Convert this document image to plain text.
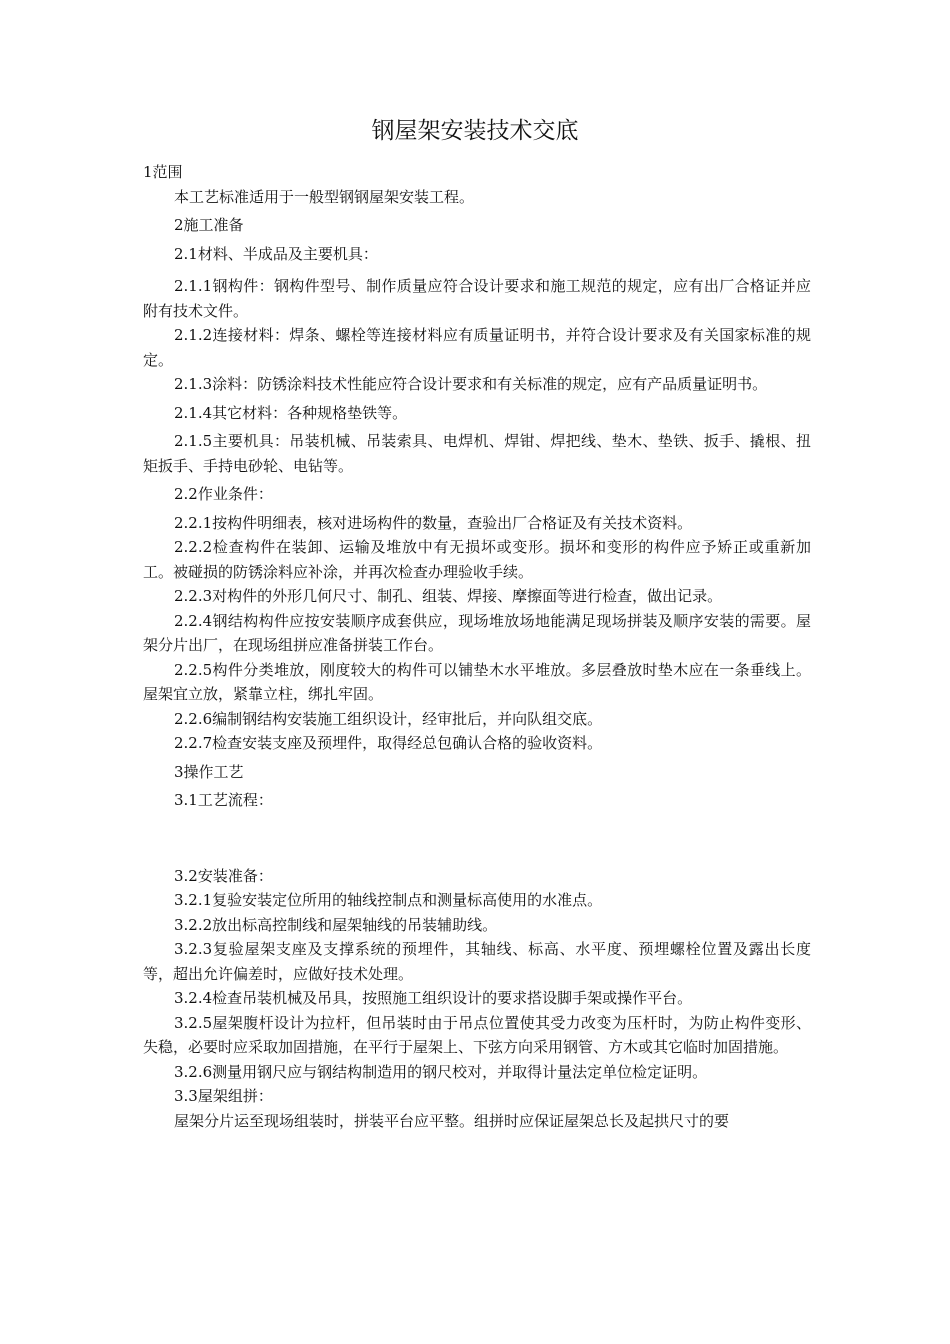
钢屋架安装技术交底

1范围

本工艺标准适用于一般型钢钢屋架安装工程。

2施工准备

2.1材料、半成品及主要机具：

2.1.1钢构件：钢构件型号、制作质量应符合设计要求和施工规范的规定，应有出厂合格证并应附有技术文件。

2.1.2连接材料：焊条、螺栓等连接材料应有质量证明书，并符合设计要求及有关国家标准的规定。

2.1.3涂料：防锈涂料技术性能应符合设计要求和有关标准的规定，应有产品质量证明书。

2.1.4其它材料：各种规格垫铁等。

2.1.5主要机具：吊装机械、吊装索具、电焊机、焊钳、焊把线、垫木、垫铁、扳手、撬根、扭矩扳手、手持电砂轮、电钻等。

2.2作业条件：

2.2.1按构件明细表，核对进场构件的数量，查验出厂合格证及有关技术资料。

2.2.2检查构件在装卸、运输及堆放中有无损坏或变形。损坏和变形的构件应予矫正或重新加工。被碰损的防锈涂料应补涂，并再次检查办理验收手续。

2.2.3对构件的外形几何尺寸、制孔、组装、焊接、摩擦面等进行检查，做出记录。

2.2.4钢结构构件应按安装顺序成套供应，现场堆放场地能满足现场拼装及顺序安装的需要。屋架分片出厂，在现场组拼应准备拼装工作台。

2.2.5构件分类堆放，刚度较大的构件可以铺垫木水平堆放。多层叠放时垫木应在一条垂线上。屋架宜立放，紧靠立柱，绑扎牢固。

2.2.6编制钢结构安装施工组织设计，经审批后，并向队组交底。

2.2.7检查安装支座及预埋件，取得经总包确认合格的验收资料。

3操作工艺

3.1工艺流程：

3.2安装准备：

3.2.1复验安装定位所用的轴线控制点和测量标高使用的水准点。

3.2.2放出标高控制线和屋架轴线的吊装辅助线。

3.2.3复验屋架支座及支撑系统的预埋件，其轴线、标高、水平度、预埋螺栓位置及露出长度等，超出允许偏差时，应做好技术处理。

3.2.4检查吊装机械及吊具，按照施工组织设计的要求搭设脚手架或操作平台。

3.2.5屋架腹杆设计为拉杆，但吊装时由于吊点位置使其受力改变为压杆时，为防止构件变形、失稳，必要时应采取加固措施，在平行于屋架上、下弦方向采用钢管、方木或其它临时加固措施。

3.2.6测量用钢尺应与钢结构制造用的钢尺校对，并取得计量法定单位检定证明。

3.3屋架组拼：

屋架分片运至现场组装时，拼装平台应平整。组拼时应保证屋架总长及起拱尺寸的要
